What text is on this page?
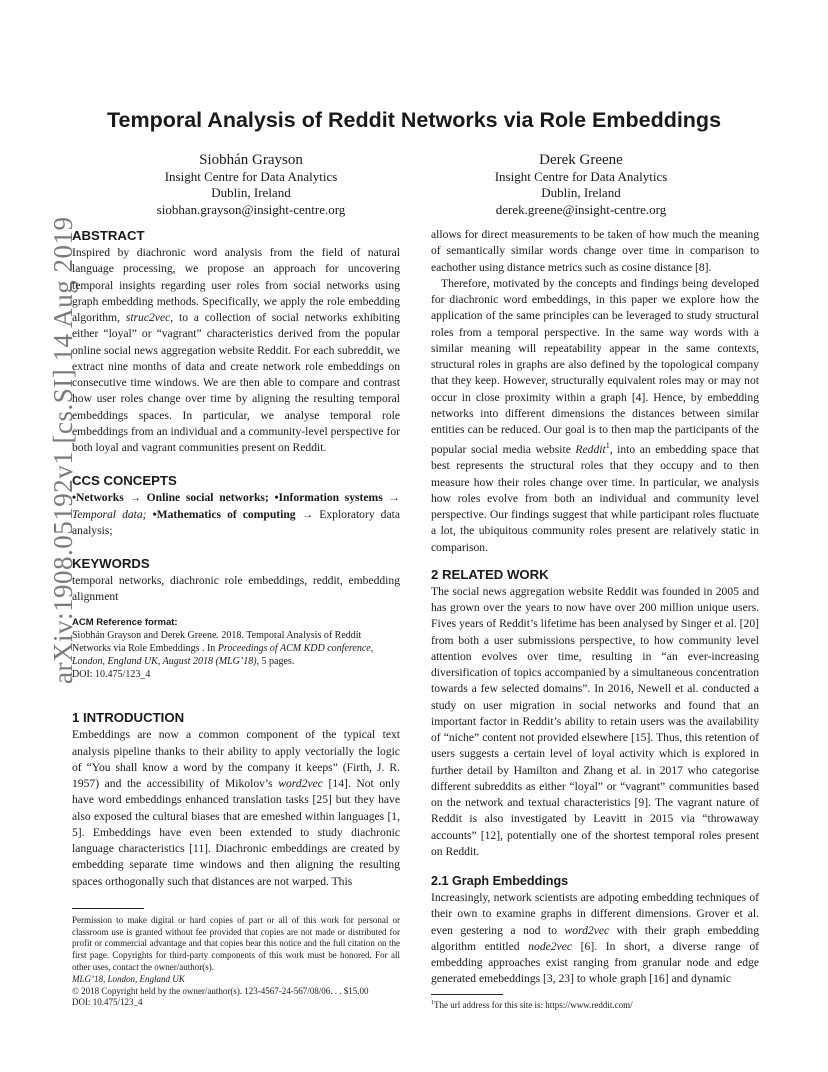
arXiv:1908.05192v1 [cs.SI] 14 Aug 2019
Temporal Analysis of Reddit Networks via Role Embeddings
Siobhán Grayson
Insight Centre for Data Analytics
Dublin, Ireland
siobhan.grayson@insight-centre.org
Derek Greene
Insight Centre for Data Analytics
Dublin, Ireland
derek.greene@insight-centre.org
ABSTRACT

Inspired by diachronic word analysis from the field of natural language processing, we propose an approach for uncovering temporal insights regarding user roles from social networks using graph embedding methods. Specifically, we apply the role embedding algorithm, struc2vec, to a collection of social networks exhibiting either “loyal” or “vagrant” characteristics derived from the popular online social news aggregation website Reddit. For each subreddit, we extract nine months of data and create network role embeddings on consecutive time windows. We are then able to compare and contrast how user roles change over time by aligning the resulting temporal embeddings spaces. In particular, we analyse temporal role embeddings from an individual and a community-level perspective for both loyal and vagrant communities present on Reddit.

CCS CONCEPTS

•Networks → Online social networks; •Information systems → Temporal data; •Mathematics of computing → Exploratory data analysis;

KEYWORDS

temporal networks, diachronic role embeddings, reddit, embedding alignment

ACM Reference format:
Siobhán Grayson and Derek Greene. 2018. Temporal Analysis of Reddit Networks via Role Embeddings . In Proceedings of ACM KDD conference, London, England UK, August 2018 (MLG’18), 5 pages.
DOI: 10.475/123_4
1 INTRODUCTION

Embeddings are now a common component of the typical text analysis pipeline thanks to their ability to apply vectorially the logic of “You shall know a word by the company it keeps” (Firth, J. R. 1957) and the accessibility of Mikolov’s word2vec [14]. Not only have word embeddings enhanced translation tasks [25] but they have also exposed the cultural biases that are emeshed within languages [1, 5]. Embeddings have even been extended to study diachronic language characteristics [11]. Diachronic embeddings are created by embedding separate time windows and then aligning the resulting spaces orthogonally such that distances are not warped. This

Permission to make digital or hard copies of part or all of this work for personal or classroom use is granted without fee provided that copies are not made or distributed for profit or commercial advantage and that copies bear this notice and the full citation on the first page. Copyrights for third-party components of this work must be honored. For all other uses, contact the owner/author(s).
MLG’18, London, England UK
© 2018 Copyright held by the owner/author(s). 123-4567-24-567/08/06. . . $15.00
DOI: 10.475/123_4

allows for direct measurements to be taken of how much the meaning of semantically similar words change over time in comparison to eachother using distance metrics such as cosine distance [8].

Therefore, motivated by the concepts and findings being developed for diachronic word embeddings, in this paper we explore how the application of the same principles can be leveraged to study structural roles from a temporal perspective. In the same way words with a similar meaning will repeatability appear in the same contexts, structural roles in graphs are also defined by the topological company that they keep. However, structurally equivalent roles may or may not occur in close proximity within a graph [4]. Hence, by embedding networks into different dimensions the distances between similar entities can be reduced. Our goal is to then map the participants of the popular social media website Reddit$^1$, into an embedding space that best represents the structural roles that they occupy and to then measure how their roles change over time. In particular, we analysis how roles evolve from both an individual and community level perspective. Our findings suggest that while participant roles fluctuate a lot, the ubiquitous community roles present are relatively static in comparison.

2 RELATED WORK

The social news aggregation website Reddit was founded in 2005 and has grown over the years to now have over 200 million unique users. Fives years of Reddit’s lifetime has been analysed by Singer et al. [20] from both a user submissions perspective, to how community level attention evolves over time, resulting in “an ever-increasing diversification of topics accompanied by a simultaneous concentration towards a few selected domains”. In 2016, Newell et al. conducted a study on user migration in social networks and found that an important factor in Reddit’s ability to retain users was the availability of “niche” content not provided elsewhere [15]. Thus, this retention of users suggests a certain level of loyal activity which is explored in further detail by Hamilton and Zhang et al. in 2017 who categorise different subreddits as either “loyal” or “vagrant” communities based on the network and textual characteristics [9]. The vagrant nature of Reddit is also investigated by Leavitt in 2015 via “throwaway accounts” [12], potentially one of the shortest temporal roles present on Reddit.

2.1 Graph Embeddings

Increasingly, network scientists are adpoting embedding techniques of their own to examine graphs in different dimensions. Grover et al. even gestering a nod to word2vec with their graph embedding algorithm entitled node2vec [6]. In short, a diverse range of embedding approaches exist ranging from granular node and edge generated emebeddings [3, 23] to whole graph [16] and dynamic

$^1$The url address for this site is: https://www.reddit.com/
